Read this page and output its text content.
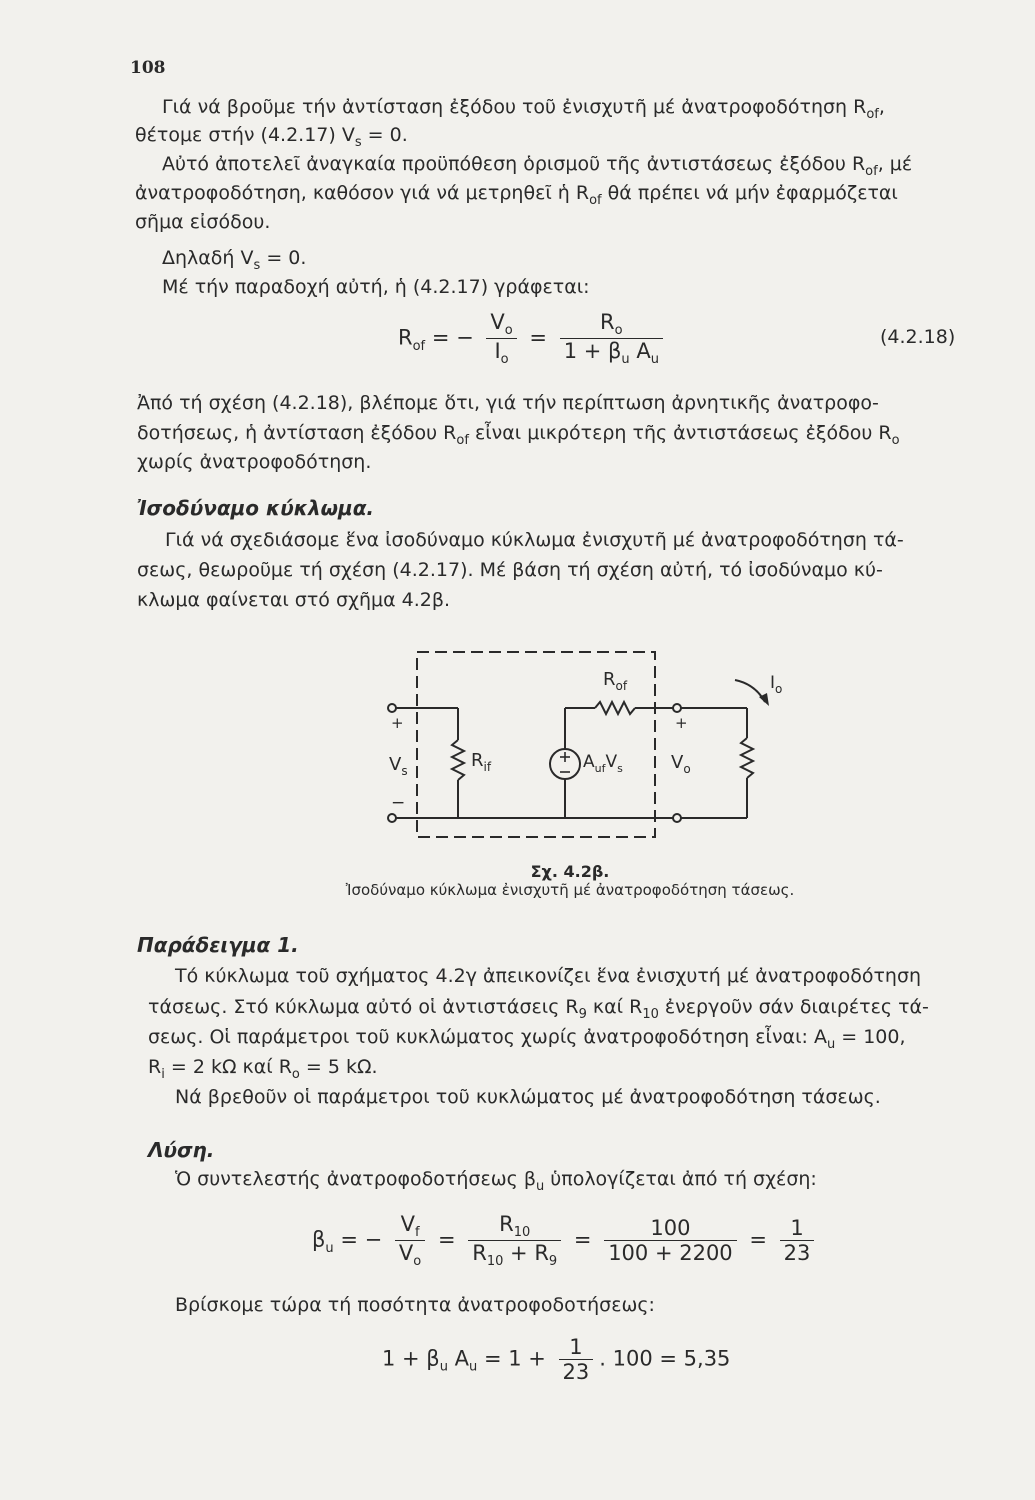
108

Γιά νά βροῦμε τήν ἀντίσταση ἐξόδου τοῦ ἐνισχυτῆ μέ ἀνατροφοδότηση $R_{of}$,

θέτομε στήν (4.2.17) $V_s = 0$.

Αὐτό ἀποτελεῖ ἀναγκαία προϋπόθεση ὁρισμοῦ τῆς ἀντιστάσεως ἐξόδου $R_{of}$, μέ

ἀνατροφοδότηση, καθόσον γιά νά μετρηθεῖ ἡ $R_{of}$ θά πρέπει νά μήν ἐφαρμόζεται

σῆμα εἰσόδου.

Δηλαδή $V_s = 0$.

Μέ τήν παραδοχή αὐτή, ἡ (4.2.17) γράφεται:

$R_{of}$ = − $\frac{V_o}{I_o} = \frac{R_o}{1 + \beta_u A_u}$	(4.2.18)

Ἀπό τή σχέση (4.2.18), βλέπομε ὅτι, γιά τήν περίπτωση ἀρνητικῆς ἀνατροφο-

δοτήσεως, ἡ ἀντίσταση ἐξόδου $R_{of}$ εἶναι μικρότερη τῆς ἀντιστάσεως ἐξόδου $R_o$

χωρίς ἀνατροφοδότηση.

Ἰσοδύναμο κύκλωμα.

Γιά νά σχεδιάσομε ἕνα ἰσοδύναμο κύκλωμα ἐνισχυτῆ μέ ἀνατροφοδότηση τά-

σεως, θεωροῦμε τή σχέση (4.2.17). Μέ βάση τή σχέση αὐτή, τό ἰσοδύναμο κύ-

κλωμα φαίνεται στό σχῆμα 4.2β.

+
−
$V_s$	$R_{if}$	$A_{uf}V_s$
$R_{of}$
+
$V_o$
$I_o$
Σχ. 4.2β.
Ἰσοδύναμο κύκλωμα ἐνισχυτῆ μέ ἀνατροφοδότηση τάσεως.
Παράδειγμα 1.

Τό κύκλωμα τοῦ σχήματος 4.2γ ἀπεικονίζει ἕνα ἐνισχυτή μέ ἀνατροφοδότηση

τάσεως. Στό κύκλωμα αὐτό οἱ ἀντιστάσεις $R_9$ καί $R_{10}$ ἐνεργοῦν σάν διαιρέτες τά-

σεως. Οἱ παράμετροι τοῦ κυκλώματος χωρίς ἀνατροφοδότηση εἶναι: $A_u = 100$,

$R_i = 2$ kΩ καί $R_o = 5$ kΩ.

Νά βρεθοῦν οἱ παράμετροι τοῦ κυκλώματος μέ ἀνατροφοδότηση τάσεως.

Λύση.

Ὁ συντελεστής ἀνατροφοδοτήσεως $\beta_u$ ὑπολογίζεται ἀπό τή σχέση:

$\beta_u$ = − $\frac{V_f}{V_o} = \frac{R_{10}}{R_{10} + R_9} = \frac{100}{100 + 2200} = \frac{1}{23}$

Βρίσκομε τώρα τή ποσότητα ἀνατροφοδοτήσεως:

$1 + \beta_u$ $A_u = 1 + \frac{1}{23}$ . 100 = 5,35
